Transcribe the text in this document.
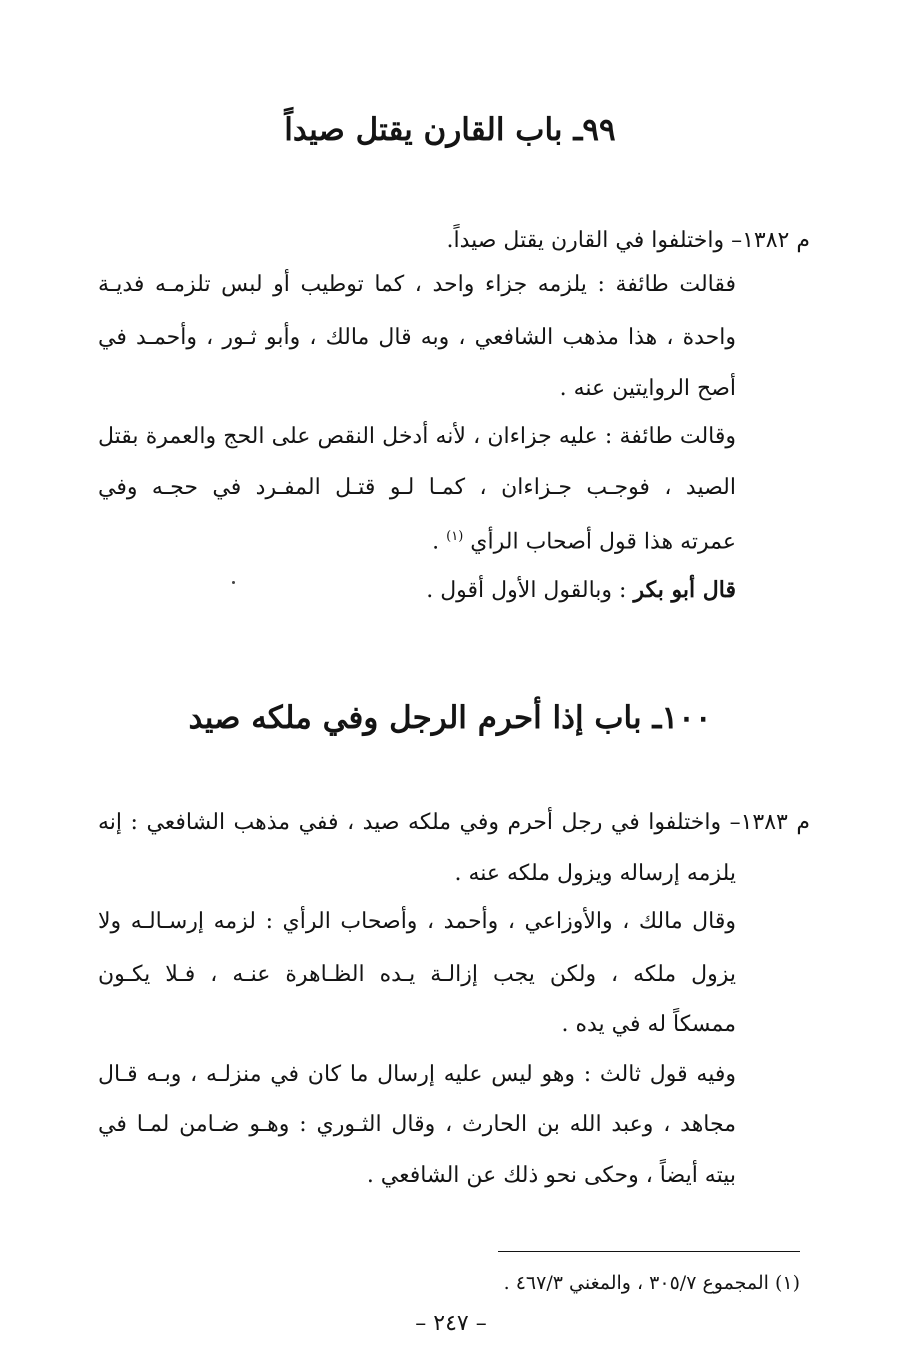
٩٩ـ باب القارن يقتل صيداً

م ١٣٨٢– واختلفوا في القارن يقتل صيداً.

فقالت طائفة : يلزمه جزاء واحد ، كما توطيب أو لبس تلزمـه فديـة

واحدة ، هذا مذهب الشافعي ، وبه قال مالك ، وأبو ثـور ، وأحمـد في

أصح الروايتين عنه .

وقالت طائفة : عليه جزاءان ، لأنه أدخل النقص على الحج والعمرة بقتل

الصيد ، فوجـب جـزاءان ، كمـا لـو قتـل المفـرد في حجـه وفي

عمرته هذا قول أصحاب الرأي $^{(١)}$ .

قال أبو بكر : وبالقول الأول أقول .

١٠٠ـ باب إذا أحرم الرجل وفي ملكه صيد

م ١٣٨٣– واختلفوا في رجل أحرم وفي ملكه صيد ، ففي مذهب الشافعي : إنه

يلزمه إرساله ويزول ملكه عنه .

وقال مالك ، والأوزاعي ، وأحمد ، وأصحاب الرأي : لزمه إرسـالـه ولا

يزول ملكه ، ولكن يجب إزالـة يـده الظـاهرة عنـه ، فـلا يكـون

ممسكاً له في يده .

وفيه قول ثالث : وهو ليس عليه إرسال ما كان في منزلـه ، وبـه قـال

مجاهد ، وعبد الله بن الحارث ، وقال الثـوري : وهـو ضـامن لمـا في

بيته أيضاً ، وحكى نحو ذلك عن الشافعي .

(١) المجموع ٣٠٥/٧ ، والمغني ٤٦٧/٣ .

– ٢٤٧ –
